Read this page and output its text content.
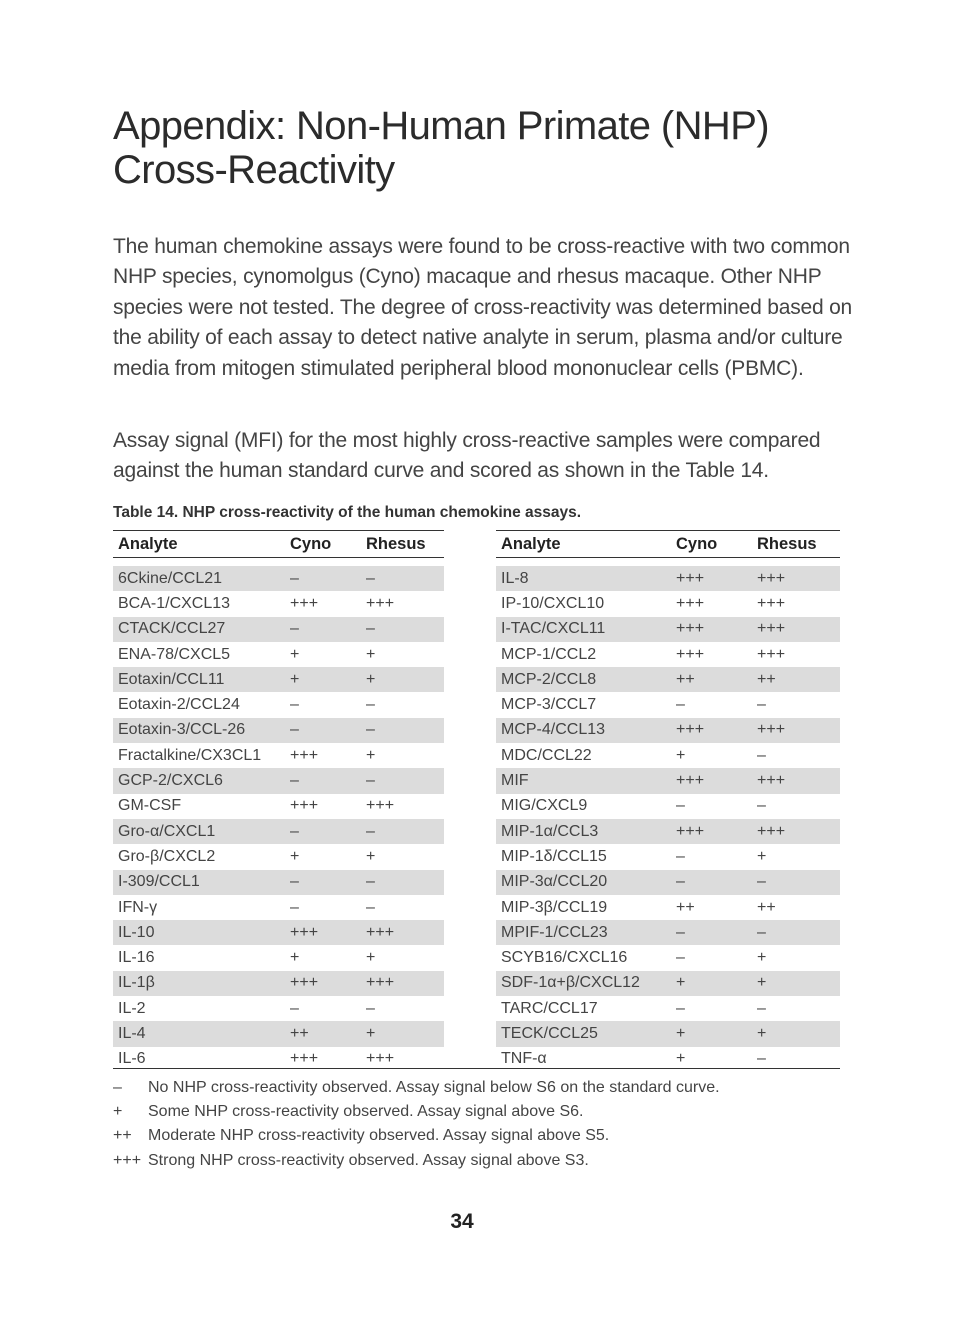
Appendix: Non-Human Primate (NHP)
Cross-Reactivity

The human chemokine assays were found to be cross-reactive with two common NHP species, cynomolgus (Cyno) macaque and rhesus macaque. Other NHP species were not tested. The degree of cross-reactivity was determined based on the ability of each assay to detect native analyte in serum, plasma and/or culture media from mitogen stimulated peripheral blood mononuclear cells (PBMC).

Assay signal (MFI) for the most highly cross-reactive samples were compared against the human standard curve and scored as shown in the Table 14.

Table 14. NHP cross-reactivity of the human chemokine assays.

Analyte	Cyno	Rhesus

6Ckine/CCL21	–	–
BCA-1/CXCL13	+++	+++
CTACK/CCL27	–	–
ENA-78/CXCL5	+	+
Eotaxin/CCL11	+	+
Eotaxin-2/CCL24	–	–
Eotaxin-3/CCL-26	–	–
Fractalkine/CX3CL1	+++	+
GCP-2/CXCL6	–	–
GM-CSF	+++	+++
Gro-α/CXCL1	–	–
Gro-β/CXCL2	+	+
I-309/CCL1	–	–
IFN-γ	–	–
IL-10	+++	+++
IL-16	+	+
IL-1β	+++	+++
IL-2	–	–
IL-4	++	+
IL-6	+++	+++
Analyte	Cyno	Rhesus

IL-8	+++	+++
IP-10/CXCL10	+++	+++
I-TAC/CXCL11	+++	+++
MCP-1/CCL2	+++	+++
MCP-2/CCL8	++	++
MCP-3/CCL7	–	–
MCP-4/CCL13	+++	+++
MDC/CCL22	+	–
MIF	+++	+++
MIG/CXCL9	–	–
MIP-1α/CCL3	+++	+++
MIP-1δ/CCL15	–	+
MIP-3α/CCL20	–	–
MIP-3β/CCL19	++	++
MPIF-1/CCL23	–	–
SCYB16/CXCL16	–	+
SDF-1α+β/CXCL12	+	+
TARC/CCL17	–	–
TECK/CCL25	+	+
TNF-α	+	–
–	No NHP cross-reactivity observed. Assay signal below S6 on the standard curve.
+	Some NHP cross-reactivity observed. Assay signal above S6.
++	Moderate NHP cross-reactivity observed. Assay signal above S5.
+++ Strong NHP cross-reactivity observed. Assay signal above S3.
34
